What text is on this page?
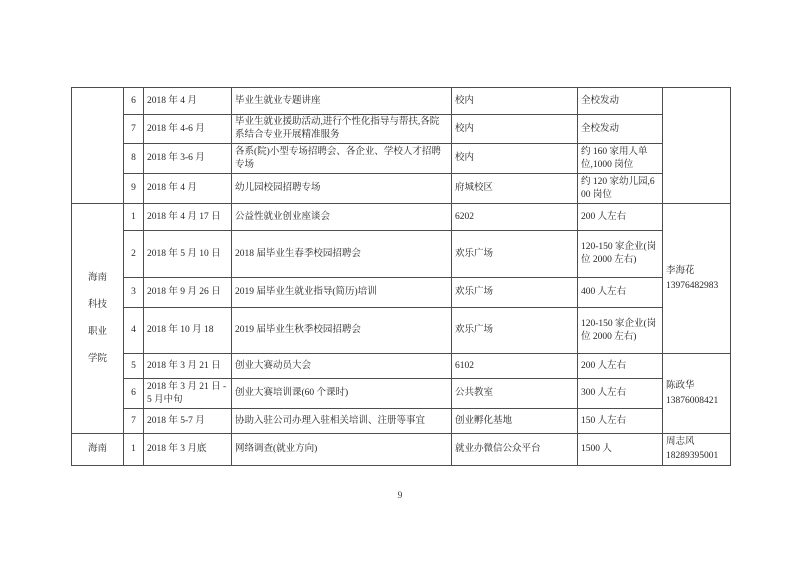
	6	2018 年 4 月	毕业生就业专题讲座	校内	全校发动	
	7	2018 年 4-6 月	毕业生就业援助活动,进行个性化指导与帮扶,各院系结合专业开展精准服务	校内	全校发动	
	8	2018 年 3-6 月	各系(院)小型专场招聘会、各企业、学校人才招聘专场	校内	约 160 家用人单位,1000 岗位	
	9	2018 年 4 月	幼儿园校园招聘专场	府城校区	约 120 家幼儿园,600 岗位	

海南
科技
职业
学院
	1	2018 年 4 月 17 日	公益性就业创业座谈会	6202	200 人左右	
李海花
13976482983

	2	2018 年 5 月 10 日	2018 届毕业生春季校园招聘会	欢乐广场	120-150 家企业(岗位 2000 左右)	
	3	2018 年 9 月 26 日	2019 届毕业生就业指导(简历)培训	欢乐广场	400 人左右	
	4	2018 年 10 月 18	2019 届毕业生秋季校园招聘会	欢乐广场	120-150 家企业(岗位 2000 左右)	
	5	2018 年 3 月 21 日	创业大赛动员大会	6102	200 人左右	陈政华
13876008421

	6	2018 年 3 月 21 日 -5 月中旬	创业大赛培训课(60 个课时)	公共教室	300 人左右	
	7	2018 年 5-7 月	协助入驻公司办理入驻相关培训、注册等事宜	创业孵化基地	150 人左右	
海南	1	2018 年 3 月底	网络调查(就业方向)	就业办微信公众平台	1500 人	周志风
18289395001
9
